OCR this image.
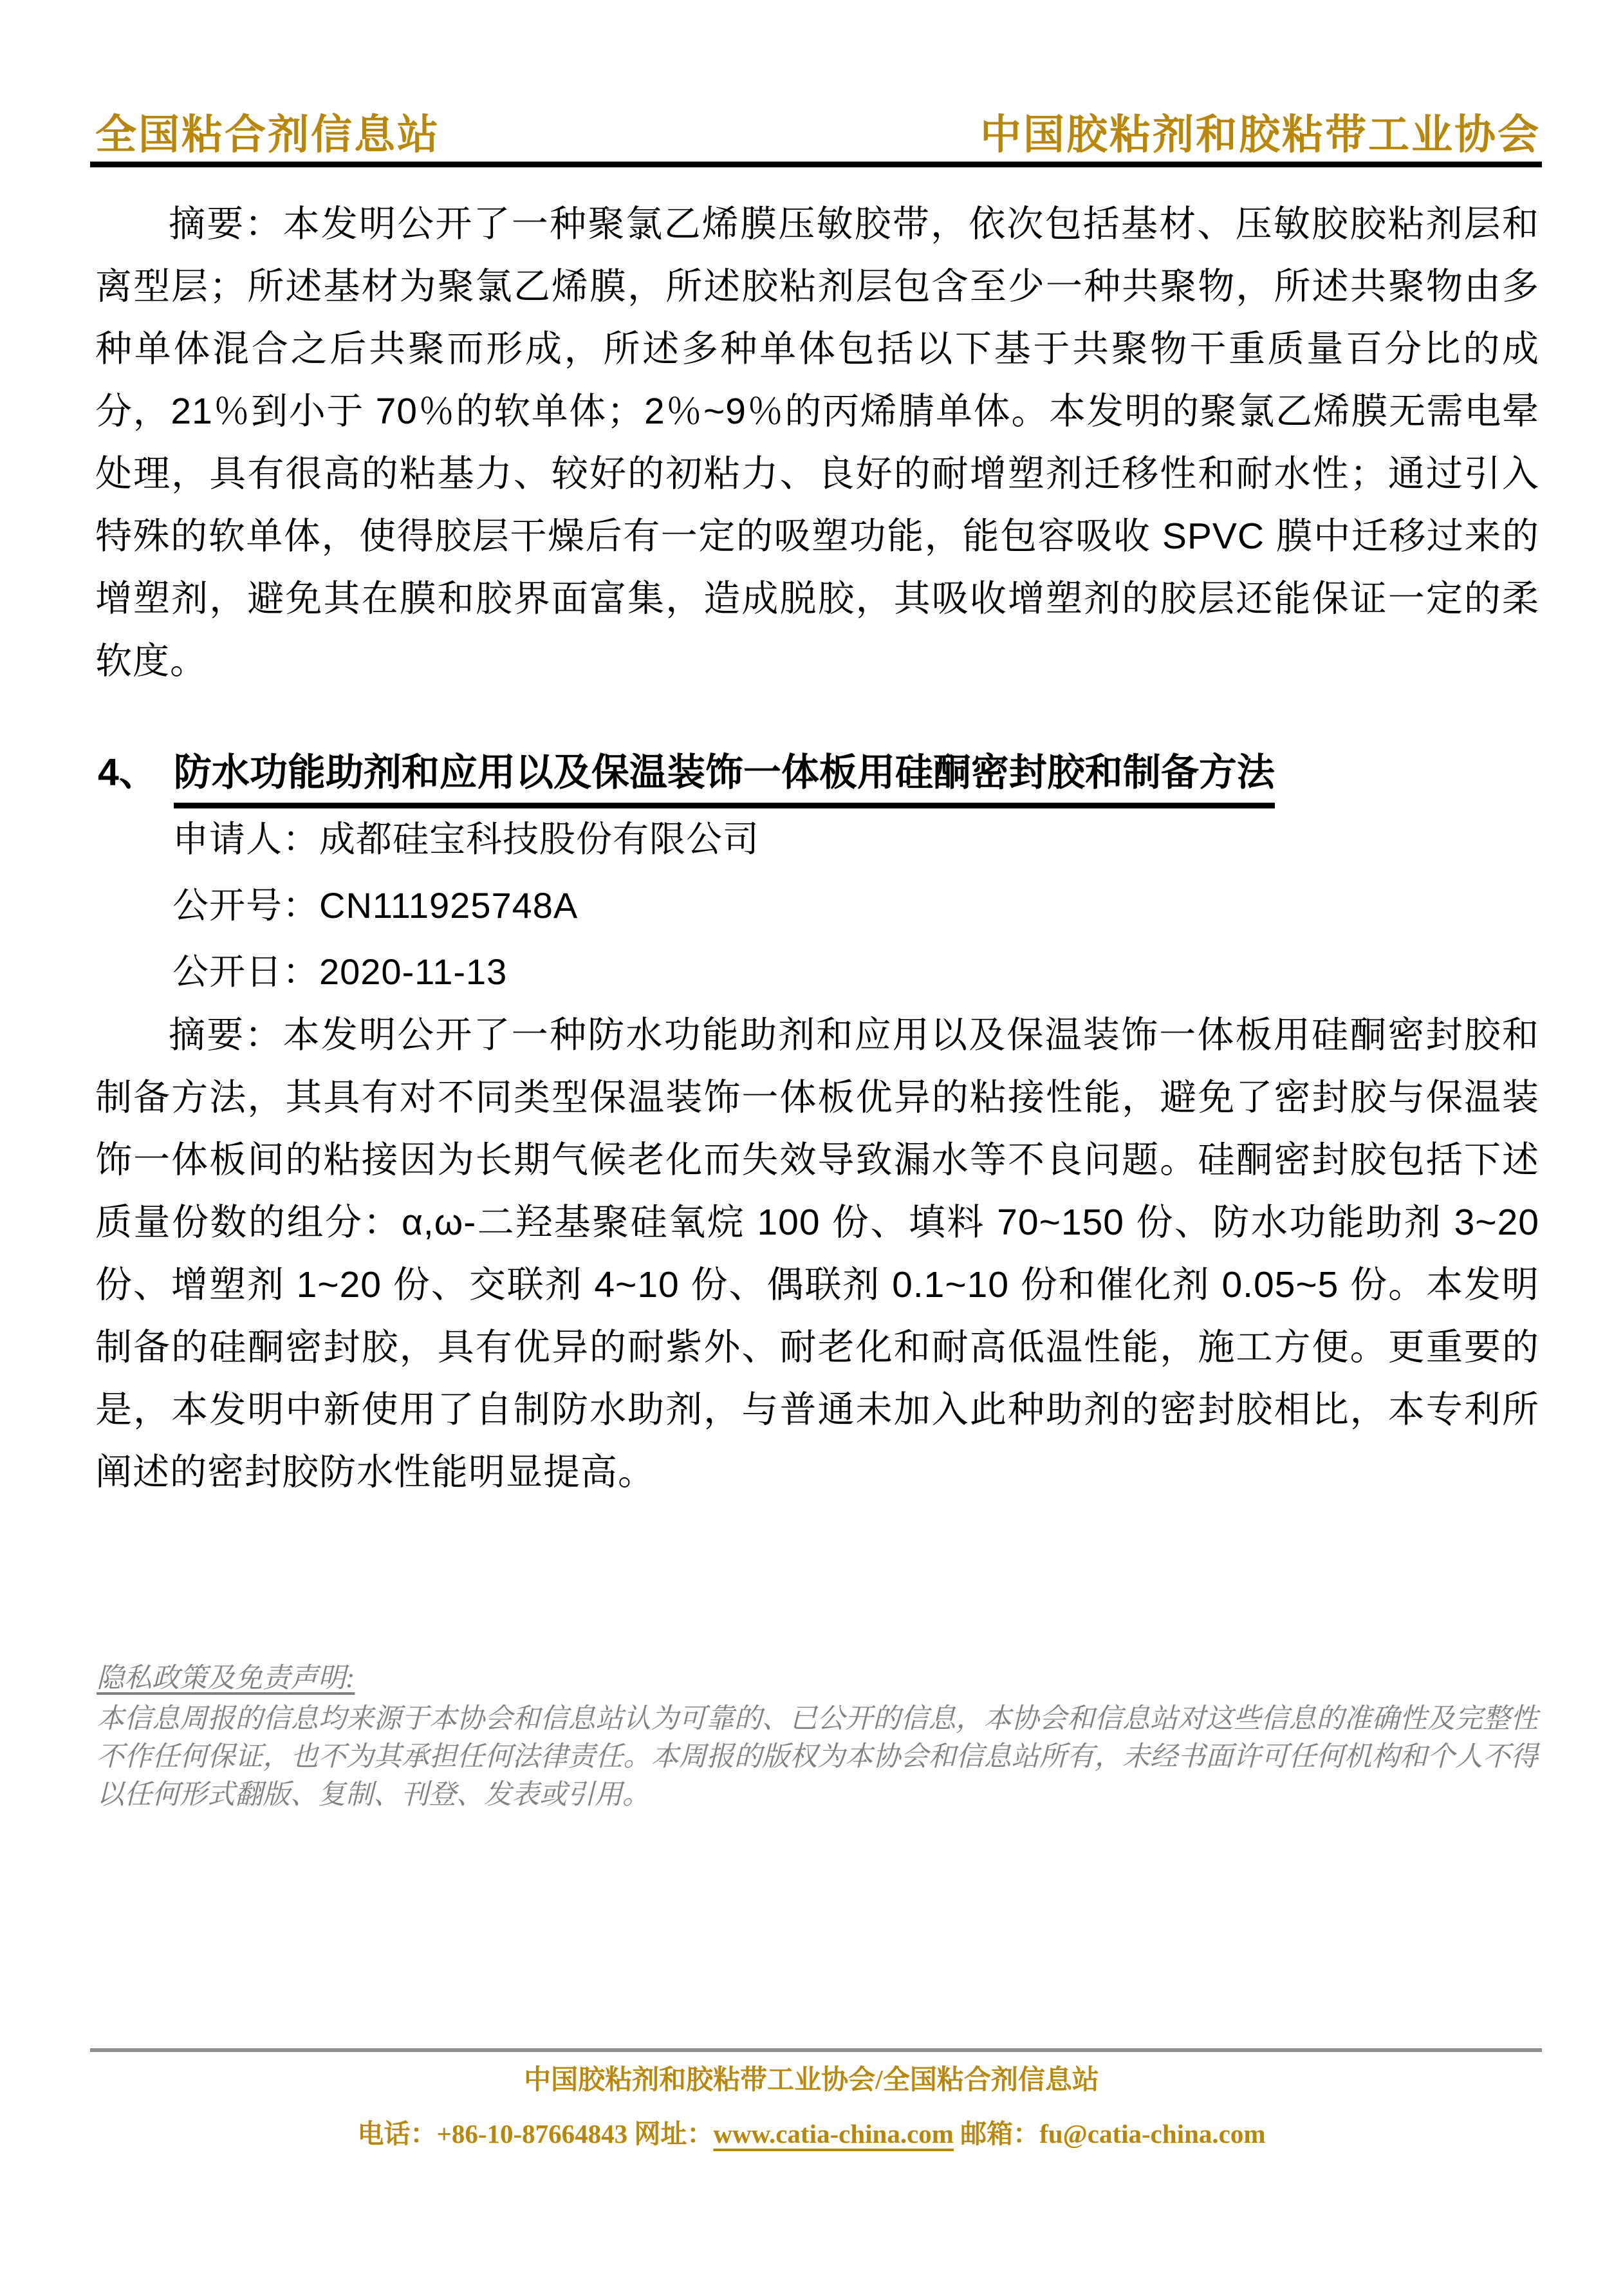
全国粘合剂信息站	中国胶粘剂和胶粘带工业协会

摘要：本发明公开了一种聚氯乙烯膜压敏胶带，依次包括基材、压敏胶胶粘剂层和离型层；所述基材为聚氯乙烯膜，所述胶粘剂层包含至少一种共聚物，所述共聚物由多种单体混合之后共聚而形成，所述多种单体包括以下基于共聚物干重质量百分比的成分，21％到小于 70％的软单体；2％~9％的丙烯腈单体。本发明的聚氯乙烯膜无需电晕处理，具有很高的粘基力、较好的初粘力、良好的耐增塑剂迁移性和耐水性；通过引入特殊的软单体，使得胶层干燥后有一定的吸塑功能，能包容吸收 SPVC 膜中迁移过来的增塑剂，避免其在膜和胶界面富集，造成脱胶，其吸收增塑剂的胶层还能保证一定的柔软度。

4、 防水功能助剂和应用以及保温装饰一体板用硅酮密封胶和制备方法
申请人：成都硅宝科技股份有限公司
公开号：CN111925748A
公开日：2020-11-13

摘要：本发明公开了一种防水功能助剂和应用以及保温装饰一体板用硅酮密封胶和制备方法，其具有对不同类型保温装饰一体板优异的粘接性能，避免了密封胶与保温装饰一体板间的粘接因为长期气候老化而失效导致漏水等不良问题。硅酮密封胶包括下述质量份数的组分：α,ω-二羟基聚硅氧烷 100 份、填料 70~150 份、防水功能助剂 3~20 份、增塑剂 1~20 份、交联剂 4~10 份、偶联剂 0.1~10 份和催化剂 0.05~5 份。本发明制备的硅酮密封胶，具有优异的耐紫外、耐老化和耐高低温性能，施工方便。更重要的是，本发明中新使用了自制防水助剂，与普通未加入此种助剂的密封胶相比，本专利所阐述的密封胶防水性能明显提高。

隐私政策及免责声明:
本信息周报的信息均来源于本协会和信息站认为可靠的、已公开的信息，本协会和信息站对这些信息的准确性及完整性不作任何保证，也不为其承担任何法律责任。本周报的版权为本协会和信息站所有，未经书面许可任何机构和个人不得以任何形式翻版、复制、刊登、发表或引用。
中国胶粘剂和胶粘带工业协会/全国粘合剂信息站
电话：+86-10-87664843 网址：www.catia-china.com 邮箱：fu@catia-china.com
